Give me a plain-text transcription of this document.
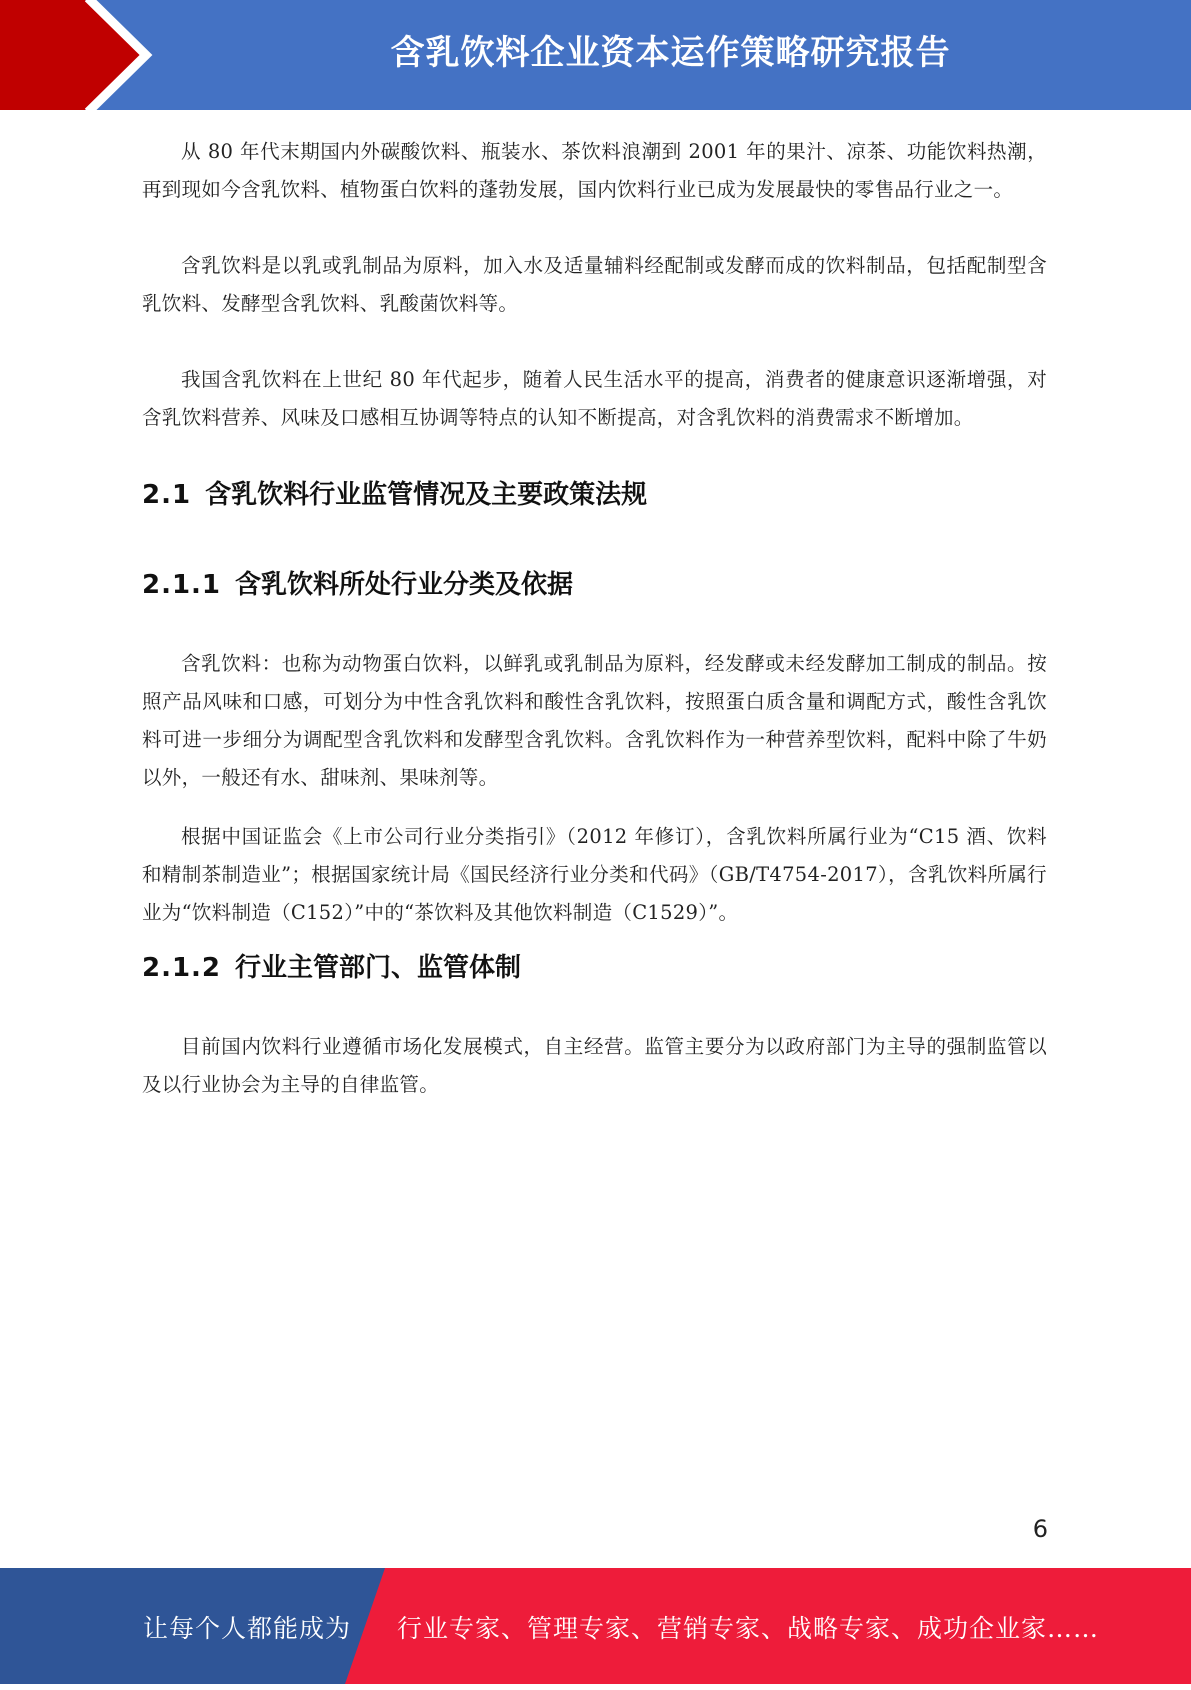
含乳饮料企业资本运作策略研究报告

从 80 年代末期国内外碳酸饮料、瓶装水、茶饮料浪潮到 2001 年的果汁、凉茶、功能饮料热潮，再到现如今含乳饮料、植物蛋白饮料的蓬勃发展，国内饮料行业已成为发展最快的零售品行业之一。

含乳饮料是以乳或乳制品为原料，加入水及适量辅料经配制或发酵而成的饮料制品，包括配制型含乳饮料、发酵型含乳饮料、乳酸菌饮料等。

我国含乳饮料在上世纪 80 年代起步，随着人民生活水平的提高，消费者的健康意识逐渐增强，对含乳饮料营养、风味及口感相互协调等特点的认知不断提高，对含乳饮料的消费需求不断增加。

2.1 含乳饮料行业监管情况及主要政策法规
2.1.1 含乳饮料所处行业分类及依据

含乳饮料：也称为动物蛋白饮料，以鲜乳或乳制品为原料，经发酵或未经发酵加工制成的制品。按照产品风味和口感，可划分为中性含乳饮料和酸性含乳饮料，按照蛋白质含量和调配方式，酸性含乳饮料可进一步细分为调配型含乳饮料和发酵型含乳饮料。含乳饮料作为一种营养型饮料，配料中除了牛奶以外，一般还有水、甜味剂、果味剂等。

根据中国证监会《上市公司行业分类指引》（2012 年修订），含乳饮料所属行业为“C15 酒、饮料和精制茶制造业”；根据国家统计局《国民经济行业分类和代码》（GB/T4754-2017），含乳饮料所属行业为“饮料制造（C152）”中的“茶饮料及其他饮料制造（C1529）”。

2.1.2 行业主管部门、监管体制

目前国内饮料行业遵循市场化发展模式，自主经营。监管主要分为以政府部门为主导的强制监管以及以行业协会为主导的自律监管。

6
让每个人都能成为 行业专家、管理专家、营销专家、战略专家、成功企业家……
